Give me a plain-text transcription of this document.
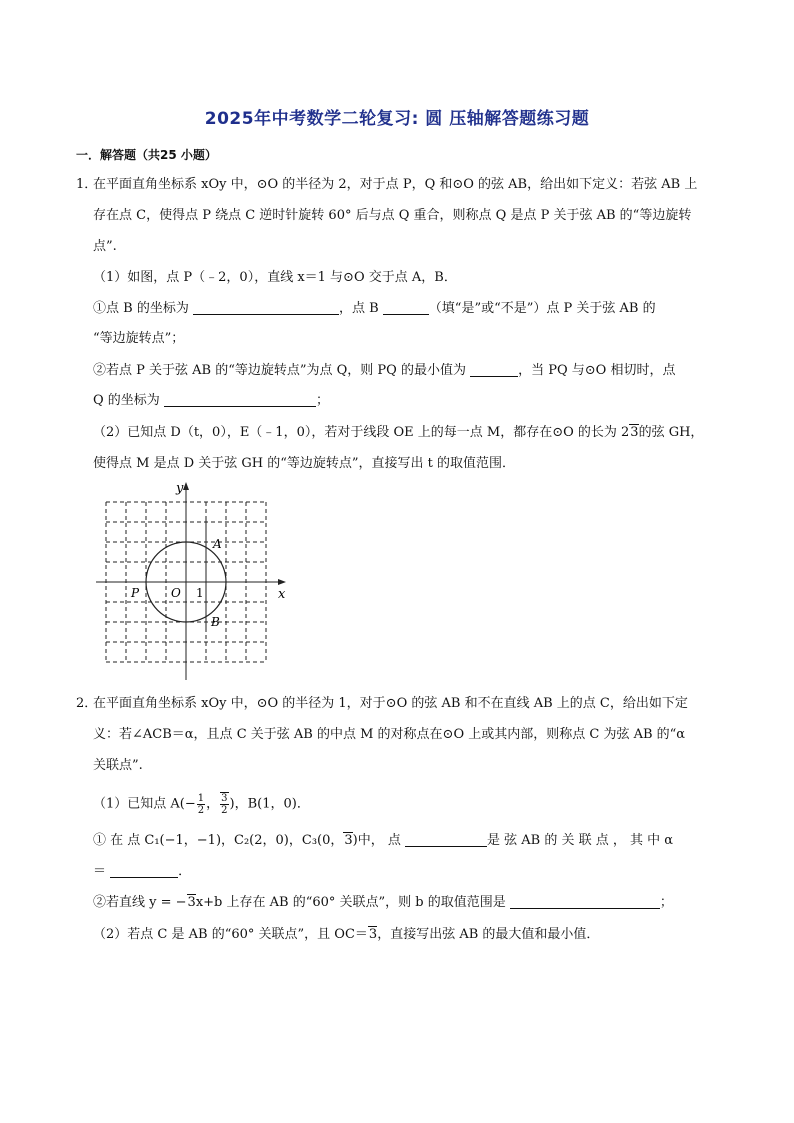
2025年中考数学二轮复习: 圆 压轴解答题练习题
一．解答题（共25 小题）
1．
在平面直角坐标系 xOy 中，⊙O 的半径为 2，对于点 P，Q 和⊙O 的弦 AB，给出如下定义：若弦 AB 上
存在点 C，使得点 P 绕点 C 逆时针旋转 60° 后与点 Q 重合，则称点 Q 是点 P 关于弦 AB 的“等边旋转
点”.
（1）如图，点 P（﹣2，0），直线 x＝1 与⊙O 交于点 A，B．
①点 B 的坐标为	，点 B	（填“是”或“不是”）点 P 关于弦 AB 的
“等边旋转点”；
②若点 P 关于弦 AB 的“等边旋转点”为点 Q，则 PQ 的最小值为	，当 PQ 与⊙O 相切时，点
Q 的坐标为	；
（2）已知点 D（t，0），E（﹣1，0），若对于线段 OE 上的每一点 M，都存在⊙O 的长为 23的弦 GH，
使得点 M 是点 D 关于弦 GH 的“等边旋转点”，直接写出 t 的取值范围．
y
x
A
B
P	O 1
2．
在平面直角坐标系 xOy 中，⊙O 的半径为 1，对于⊙O 的弦 AB 和不在直线 AB 上的点 C，给出如下定
义：若∠ACB＝α，且点 C 关于弦 AB 的中点 M 的对称点在⊙O 上或其内部，则称点 C 为弦 AB 的“α
关联点”.
（1）已知点 $A(- \frac{1}{2}$ ， $\frac{3}{2}$ )，B(1，0)．
① 在 点 C₁(−1，−1)，C₂(2，0)，C₃(0，3)中， 点	是 弦 AB 的 关 联 点 ， 其 中 α
＝	．
②若直线 y = −3x+b 上存在 AB 的“60° 关联点”，则 b 的取值范围是	；
（2）若点 C 是 AB 的“60° 关联点”，且 OC＝3，直接写出弦 AB 的最大值和最小值．
